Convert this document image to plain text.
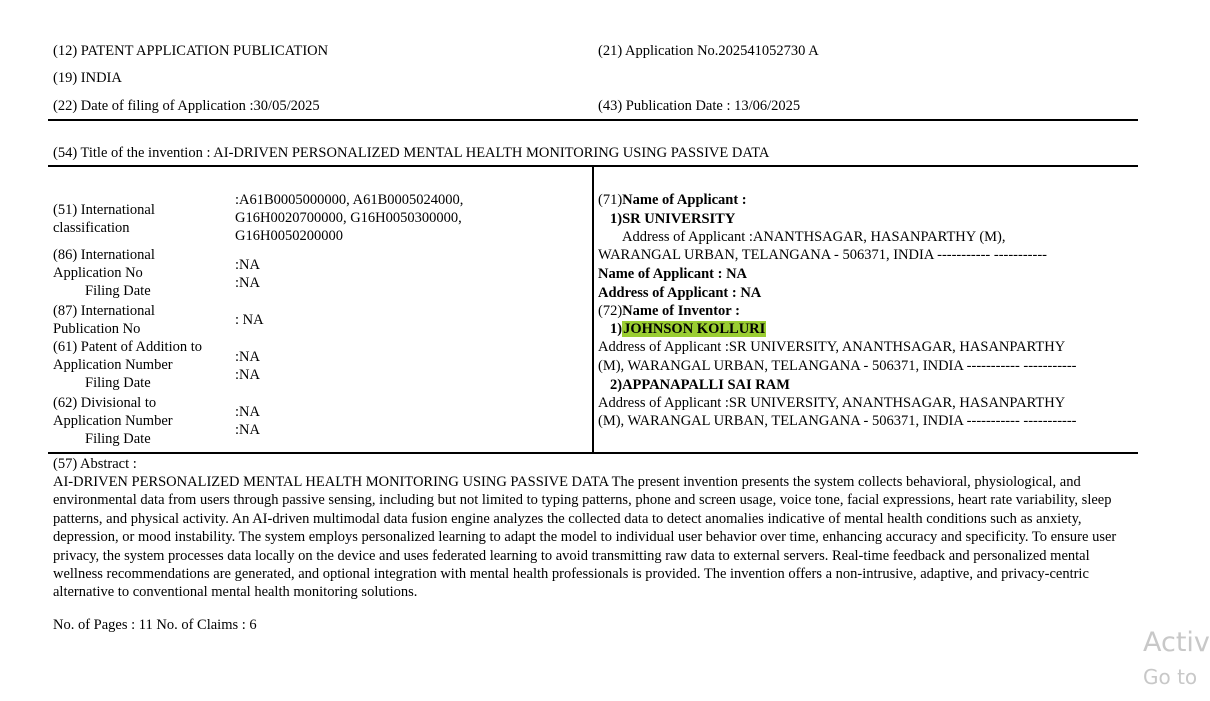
(12) PATENT APPLICATION PUBLICATION
(19) INDIA
(22) Date of filing of Application :30/05/2025
(21) Application No.202541052730 A
(43) Publication Date : 13/06/2025
(54) Title of the invention : AI-DRIVEN PERSONALIZED MENTAL HEALTH MONITORING USING PASSIVE DATA
(51) International
classification
:A61B0005000000, A61B0005024000,
G16H0020700000, G16H0050300000,
G16H0050200000
(86) International
Application No
Filing Date
:NA
:NA
(87) International
Publication No
: NA
(61) Patent of Addition to
Application Number
Filing Date
:NA
:NA
(62) Divisional to
Application Number
Filing Date
:NA
:NA
(71)Name of Applicant :
1)SR UNIVERSITY
Address of Applicant :ANANTHSAGAR, HASANPARTHY (M),
WARANGAL URBAN, TELANGANA - 506371, INDIA ----------- -----------
Name of Applicant : NA
Address of Applicant : NA
(72)Name of Inventor :
1)JOHNSON KOLLURI
Address of Applicant :SR UNIVERSITY, ANANTHSAGAR, HASANPARTHY
(M), WARANGAL URBAN, TELANGANA - 506371, INDIA ----------- -----------
2)APPANAPALLI SAI RAM
Address of Applicant :SR UNIVERSITY, ANANTHSAGAR, HASANPARTHY
(M), WARANGAL URBAN, TELANGANA - 506371, INDIA ----------- -----------
(57) Abstract :
AI-DRIVEN PERSONALIZED MENTAL HEALTH MONITORING USING PASSIVE DATA The present invention presents the system collects behavioral, physiological, and environmental data from users through passive sensing, including but not limited to typing patterns, phone and screen usage, voice tone, facial expressions, heart rate variability, sleep patterns, and physical activity. An AI-driven multimodal data fusion engine analyzes the collected data to detect anomalies indicative of mental health conditions such as anxiety, depression, or mood instability. The system employs personalized learning to adapt the model to individual user behavior over time, enhancing accuracy and specificity. To ensure user privacy, the system processes data locally on the device and uses federated learning to avoid transmitting raw data to external servers. Real-time feedback and personalized mental wellness recommendations are generated, and optional integration with mental health professionals is provided. The invention offers a non-intrusive, adaptive, and privacy-centric alternative to conventional mental health monitoring solutions.
No. of Pages : 11 No. of Claims : 6
Activ
Go to
